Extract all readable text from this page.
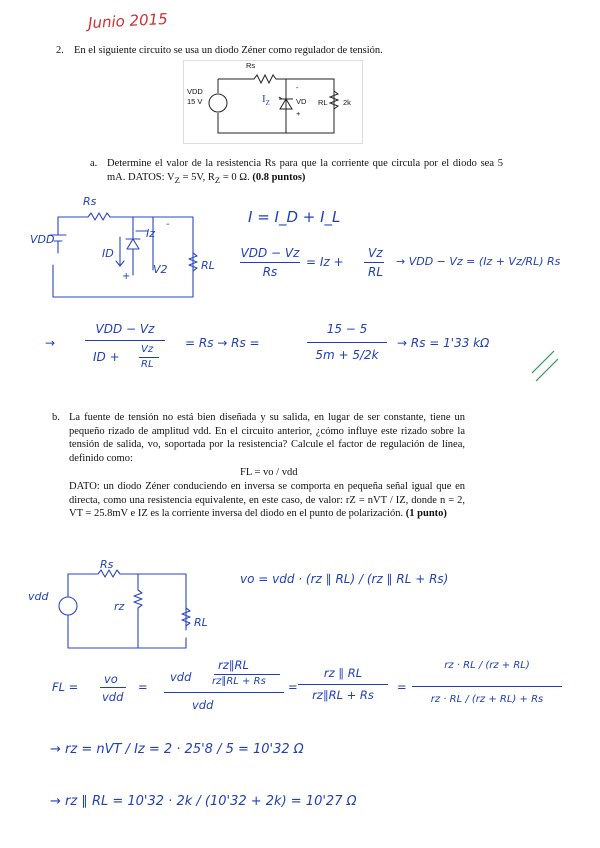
Junio 2015
2. En el siguiente circuito se usa un diodo Zéner como regulador de tensión.
Rs
VDD
15 V	$I_Z$
-
VD
+
RL 2k
a. Determine el valor de la resistencia Rs para que la corriente que circula por el diodo sea 5 mA. DATOS: $V_Z = 5V$, $R_Z = 0$ Ω. (0.8 puntos)
Rs
VDD	Iz
ID
V2	RL
-
+
I = I_D + I_L
VDD − Vz
Rs
= Iz +
Vz
RL
→ VDD − Vz = (Iz + Vz/RL) Rs
→
VDD − Vz
ID +
Vz
RL
= Rs → Rs =
15 − 5
5m + 5/2k
→ Rs = 1'33 kΩ
b. La fuente de tensión no está bien diseñada y su salida, en lugar de ser constante, tiene un pequeño rizado de amplitud vdd. En el circuito anterior, ¿cómo influye este rizado sobre la tensión de salida, vo, soportada por la resistencia? Calcule el factor de regulación de línea, definido como:
FL = vo / vdd
DATO: un diodo Zéner conduciendo en inversa se comporta en pequeña señal igual que en directa, como una resistencia equivalente, en este caso, de valor: rZ = nVT / IZ, donde n = 2, VT = 25.8mV e IZ es la corriente inversa del diodo en el punto de polarización. (1 punto)
Rs
vdd
rz
RL
vo = vdd · (rz ∥ RL) / (rz ∥ RL + Rs)
FL =
vo
vdd
=
vdd
rz∥RL
rz∥RL + Rs
vdd
=
rz ∥ RL
rz∥RL + Rs
=
rz · RL / (rz + RL)
rz · RL / (rz + RL) + Rs
→ rz = nVT / Iz = 2 · 25'8 / 5 = 10'32 Ω
→ rz ∥ RL = 10'32 · 2k / (10'32 + 2k) = 10'27 Ω
